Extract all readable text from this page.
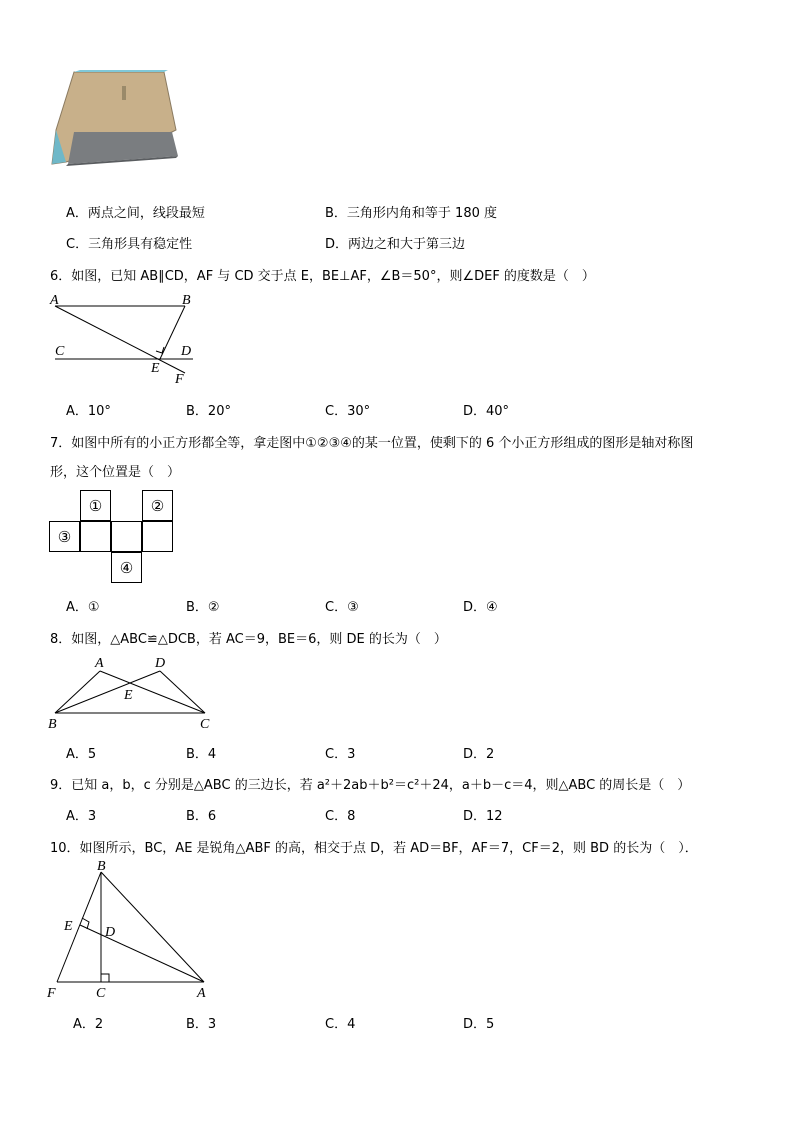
A．两点之间，线段最短	B．三角形内角和等于 180 度
C．三角形具有稳定性	D．两边之和大于第三边
6．如图，已知 AB∥CD，AF 与 CD 交于点 E，BE⊥AF，∠B＝50°，则∠DEF 的度数是（　）
A	B
C	D
E
F
A．10°	B．20°	C．30°	D．40°
7．如图中所有的小正方形都全等，拿走图中①②③④的某一位置，使剩下的 6 个小正方形组成的图形是轴对称图
形，这个位置是（　）
①	②
③
④
A．①	B．②	C．③	D．④
8．如图，△ABC≌△DCB，若 AC＝9，BE＝6，则 DE 的长为（　）
A	D
E
B	C
A．5	B．4	C．3	D．2
9．已知 a，b，c 分别是△ABC 的三边长，若 a²＋2ab＋b²＝c²＋24，a＋b－c＝4，则△ABC 的周长是（　）
A．3	B．6	C．8	D．12
10．如图所示，BC，AE 是锐角△ABF 的高，相交于点 D，若 AD＝BF，AF＝7，CF＝2，则 BD 的长为（　）．
B
E D
F	C	A
A．2	B．3	C．4	D．5
